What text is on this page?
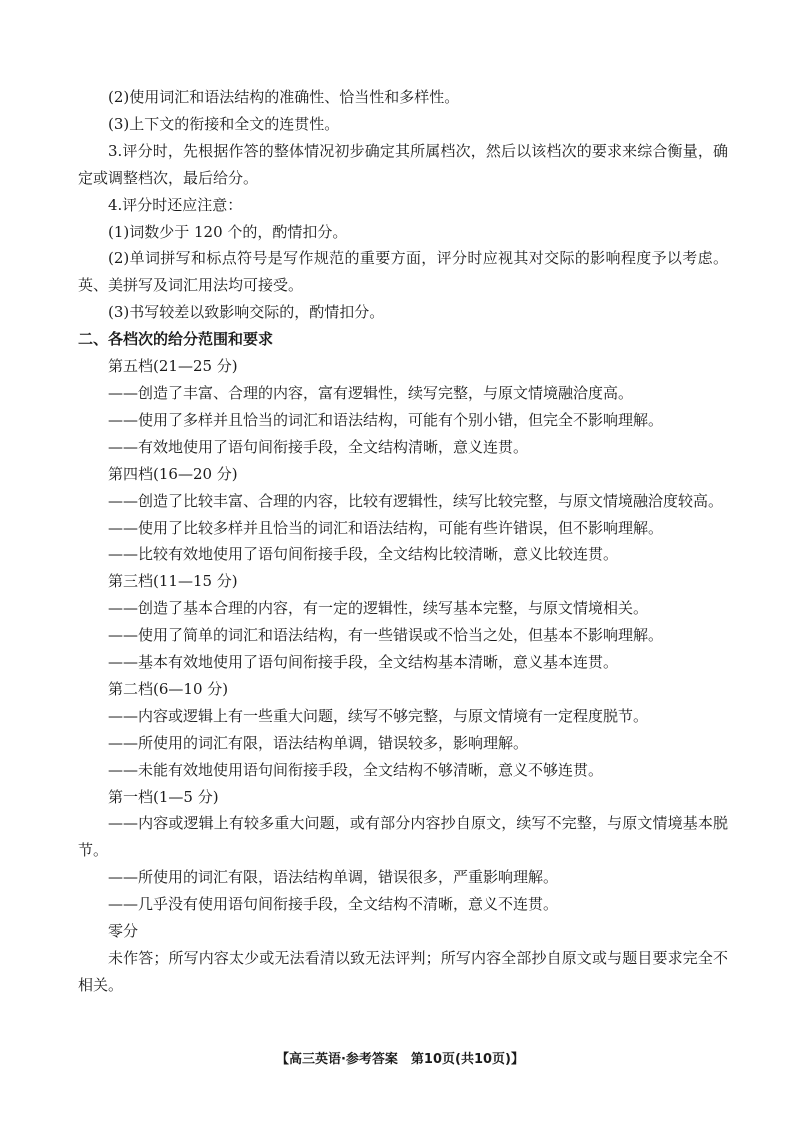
(2)使用词汇和语法结构的准确性、恰当性和多样性。

(3)上下文的衔接和全文的连贯性。

3.评分时，先根据作答的整体情况初步确定其所属档次，然后以该档次的要求来综合衡量，确定或调整档次，最后给分。

4.评分时还应注意：

(1)词数少于 120 个的，酌情扣分。

(2)单词拼写和标点符号是写作规范的重要方面，评分时应视其对交际的影响程度予以考虑。英、美拼写及词汇用法均可接受。

(3)书写较差以致影响交际的，酌情扣分。

二、各档次的给分范围和要求

第五档(21—25 分)

——创造了丰富、合理的内容，富有逻辑性，续写完整，与原文情境融洽度高。

——使用了多样并且恰当的词汇和语法结构，可能有个别小错，但完全不影响理解。

——有效地使用了语句间衔接手段，全文结构清晰，意义连贯。

第四档(16—20 分)

——创造了比较丰富、合理的内容，比较有逻辑性，续写比较完整，与原文情境融洽度较高。

——使用了比较多样并且恰当的词汇和语法结构，可能有些许错误，但不影响理解。

——比较有效地使用了语句间衔接手段，全文结构比较清晰，意义比较连贯。

第三档(11—15 分)

——创造了基本合理的内容，有一定的逻辑性，续写基本完整，与原文情境相关。

——使用了简单的词汇和语法结构，有一些错误或不恰当之处，但基本不影响理解。

——基本有效地使用了语句间衔接手段，全文结构基本清晰，意义基本连贯。

第二档(6—10 分)

——内容或逻辑上有一些重大问题，续写不够完整，与原文情境有一定程度脱节。

——所使用的词汇有限，语法结构单调，错误较多，影响理解。

——未能有效地使用语句间衔接手段，全文结构不够清晰，意义不够连贯。

第一档(1—5 分)

——内容或逻辑上有较多重大问题，或有部分内容抄自原文，续写不完整，与原文情境基本脱节。

——所使用的词汇有限，语法结构单调，错误很多，严重影响理解。

——几乎没有使用语句间衔接手段，全文结构不清晰，意义不连贯。

零分

未作答；所写内容太少或无法看清以致无法评判；所写内容全部抄自原文或与题目要求完全不相关。

【高三英语·参考答案　第10页(共10页)】
